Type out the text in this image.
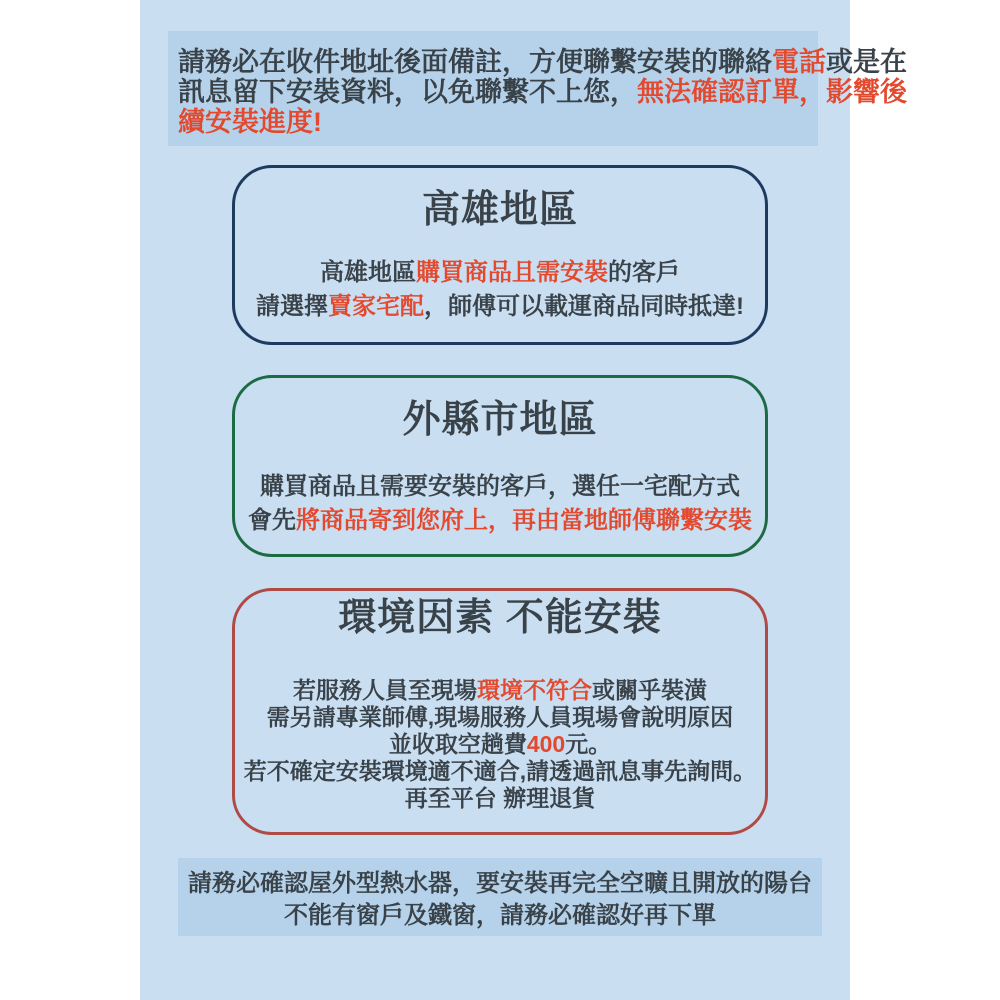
請務必在收件地址後面備註，方便聯繫安裝的聯絡電話或是在
訊息留下安裝資料，以免聯繫不上您，無法確認訂單，影響後
續安裝進度!
高雄地區
高雄地區購買商品且需安裝的客戶
請選擇賣家宅配，師傅可以載運商品同時抵達!
外縣市地區
購買商品且需要安裝的客戶，選任一宅配方式
會先將商品寄到您府上，再由當地師傅聯繫安裝
環境因素 不能安裝
若服務人員至現場環境不符合或關乎裝潢
需另請專業師傅,現場服務人員現場會說明原因
並收取空趟費400元。
若不確定安裝環境適不適合,請透過訊息事先詢問。
再至平台 辦理退貨
請務必確認屋外型熱水器，要安裝再完全空曠且開放的陽台
不能有窗戶及鐵窗，請務必確認好再下單
